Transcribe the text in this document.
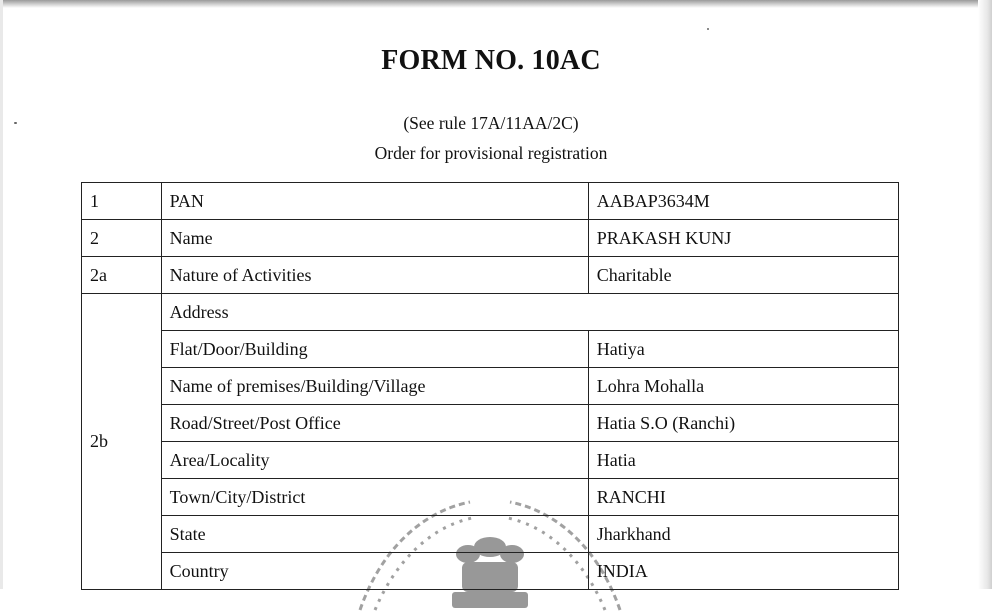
FORM NO. 10AC
(See rule 17A/11AA/2C)
Order for provisional registration
1	PAN	AABAP3634M
2	Name	PRAKASH KUNJ
2a	Nature of Activities	Charitable
2b	Address	
	Flat/Door/Building	Hatiya
	Name of premises/Building/Village	Lohra Mohalla
	Road/Street/Post Office	Hatia S.O (Ranchi)
	Area/Locality	Hatia
	Town/City/District	RANCHI
	State	Jharkhand
	Country	INDIA
